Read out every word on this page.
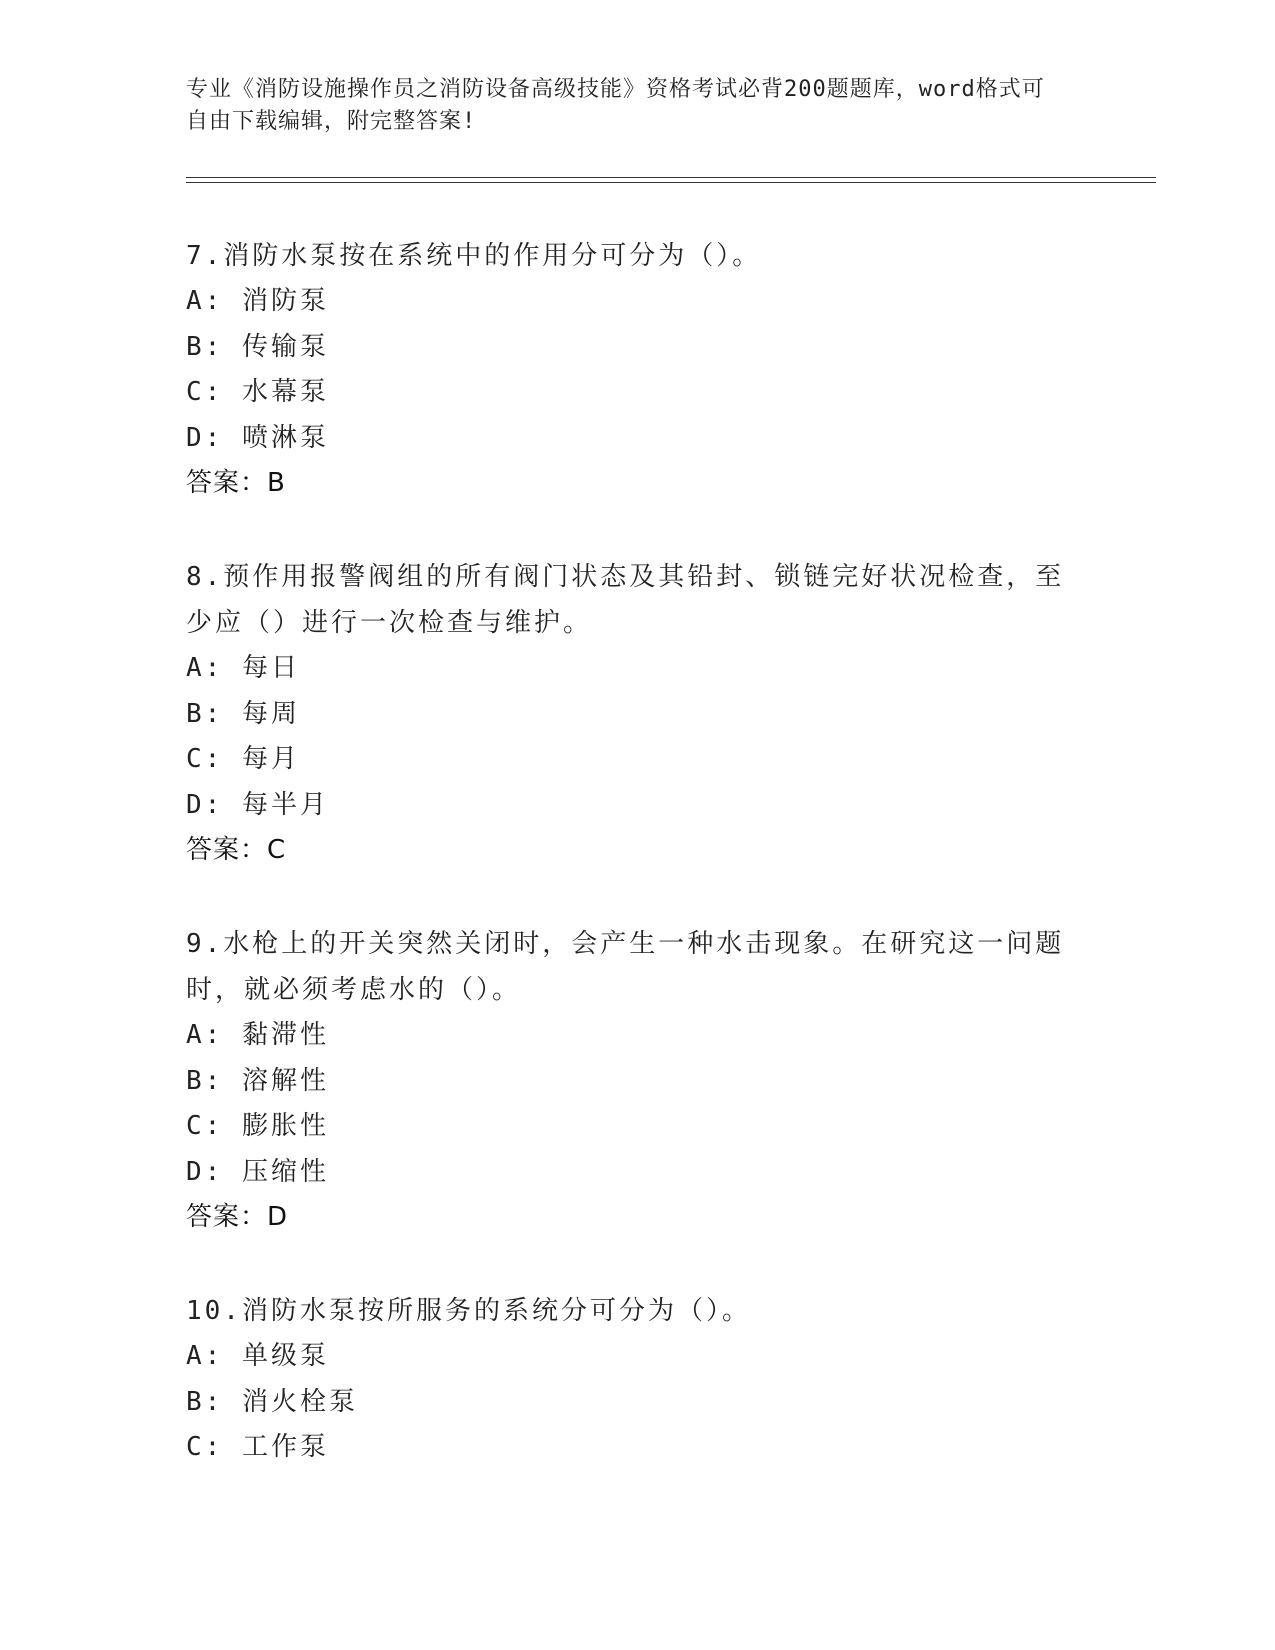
专业《消防设施操作员之消防设备高级技能》资格考试必背200题题库，word格式可自由下载编辑，附完整答案!

7.消防水泵按在系统中的作用分可分为（）。

A: 消防泵

B: 传输泵

C: 水幕泵

D: 喷淋泵

答案：B

8.预作用报警阀组的所有阀门状态及其铅封、锁链完好状况检查，至少应（）进行一次检查与维护。

A: 每日

B: 每周

C: 每月

D: 每半月

答案：C

9.水枪上的开关突然关闭时，会产生一种水击现象。在研究这一问题时，就必须考虑水的（）。

A: 黏滞性

B: 溶解性

C: 膨胀性

D: 压缩性

答案：D

10.消防水泵按所服务的系统分可分为（）。

A: 单级泵

B: 消火栓泵

C: 工作泵
